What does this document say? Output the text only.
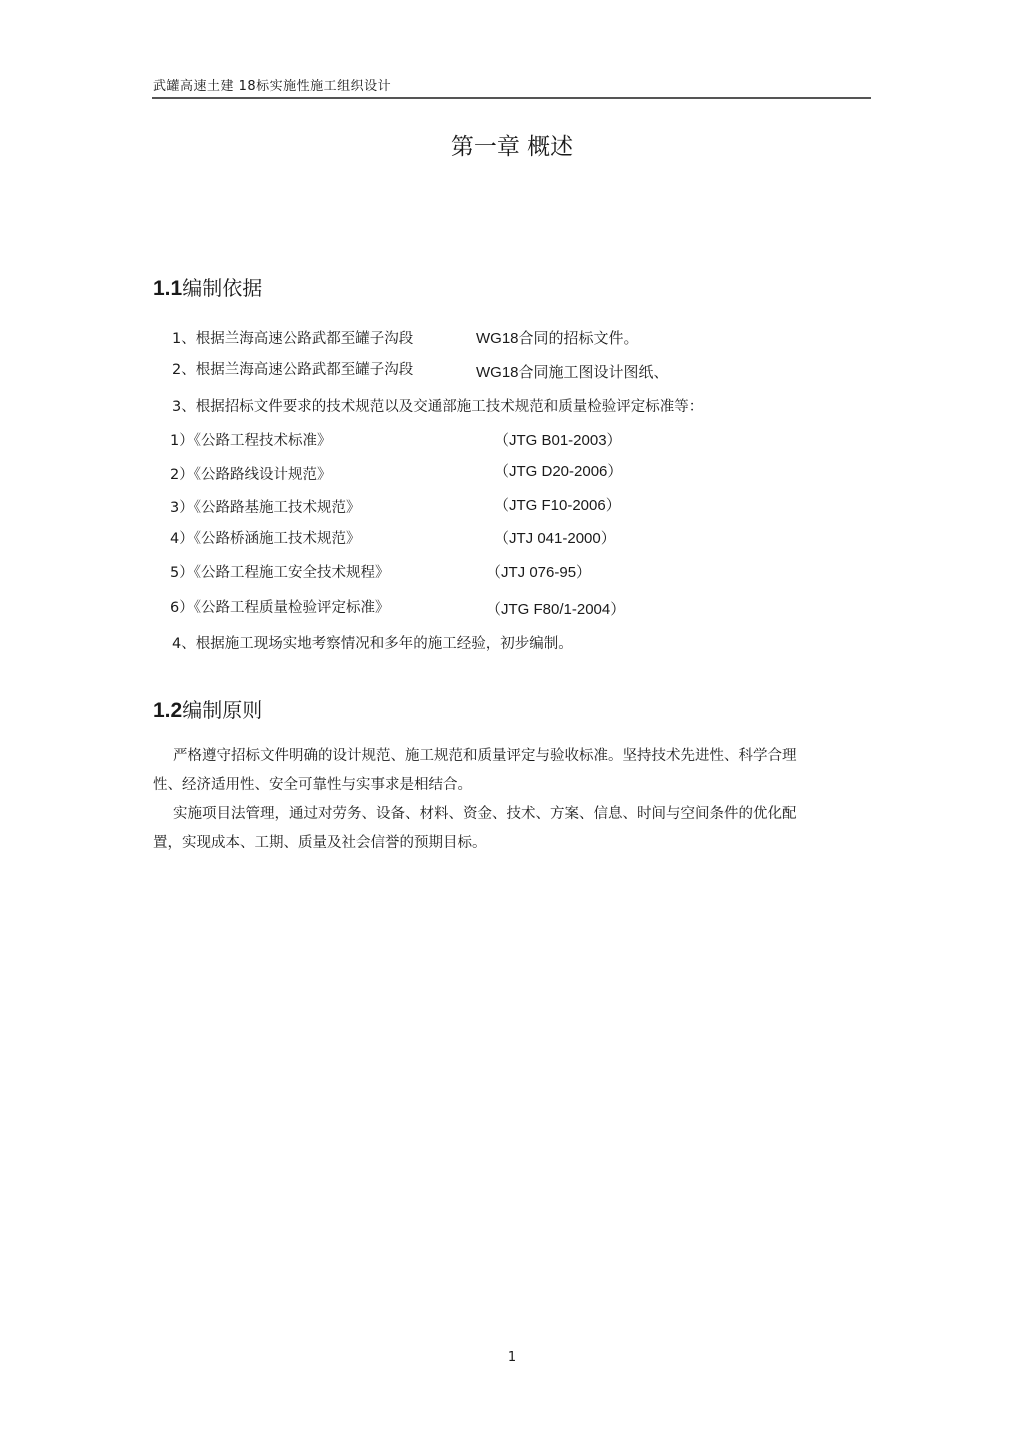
武罐高速土建 18标实施性施工组织设计
第一章 概述
1.1编制依据
1、根据兰海高速公路武都至罐子沟段	WG18合同的招标文件。
2、根据兰海高速公路武都至罐子沟段	WG18合同施工图设计图纸、
3、根据招标文件要求的技术规范以及交通部施工技术规范和质量检验评定标准等：
1）《公路工程技术标准》	（JTG B01-2003）
2）《公路路线设计规范》	（JTG D20-2006）
3）《公路路基施工技术规范》	（JTG F10-2006）
4）《公路桥涵施工技术规范》	（JTJ 041-2000）
5）《公路工程施工安全技术规程》	（JTJ 076-95）
6）《公路工程质量检验评定标准》	（JTG F80/1-2004）
4、根据施工现场实地考察情况和多年的施工经验，初步编制。
1.2编制原则
严格遵守招标文件明确的设计规范、施工规范和质量评定与验收标准。坚持技术先进性、科学合理性、经济适用性、安全可靠性与实事求是相结合。
实施项目法管理，通过对劳务、设备、材料、资金、技术、方案、信息、时间与空间条件的优化配置，实现成本、工期、质量及社会信誉的预期目标。
1
